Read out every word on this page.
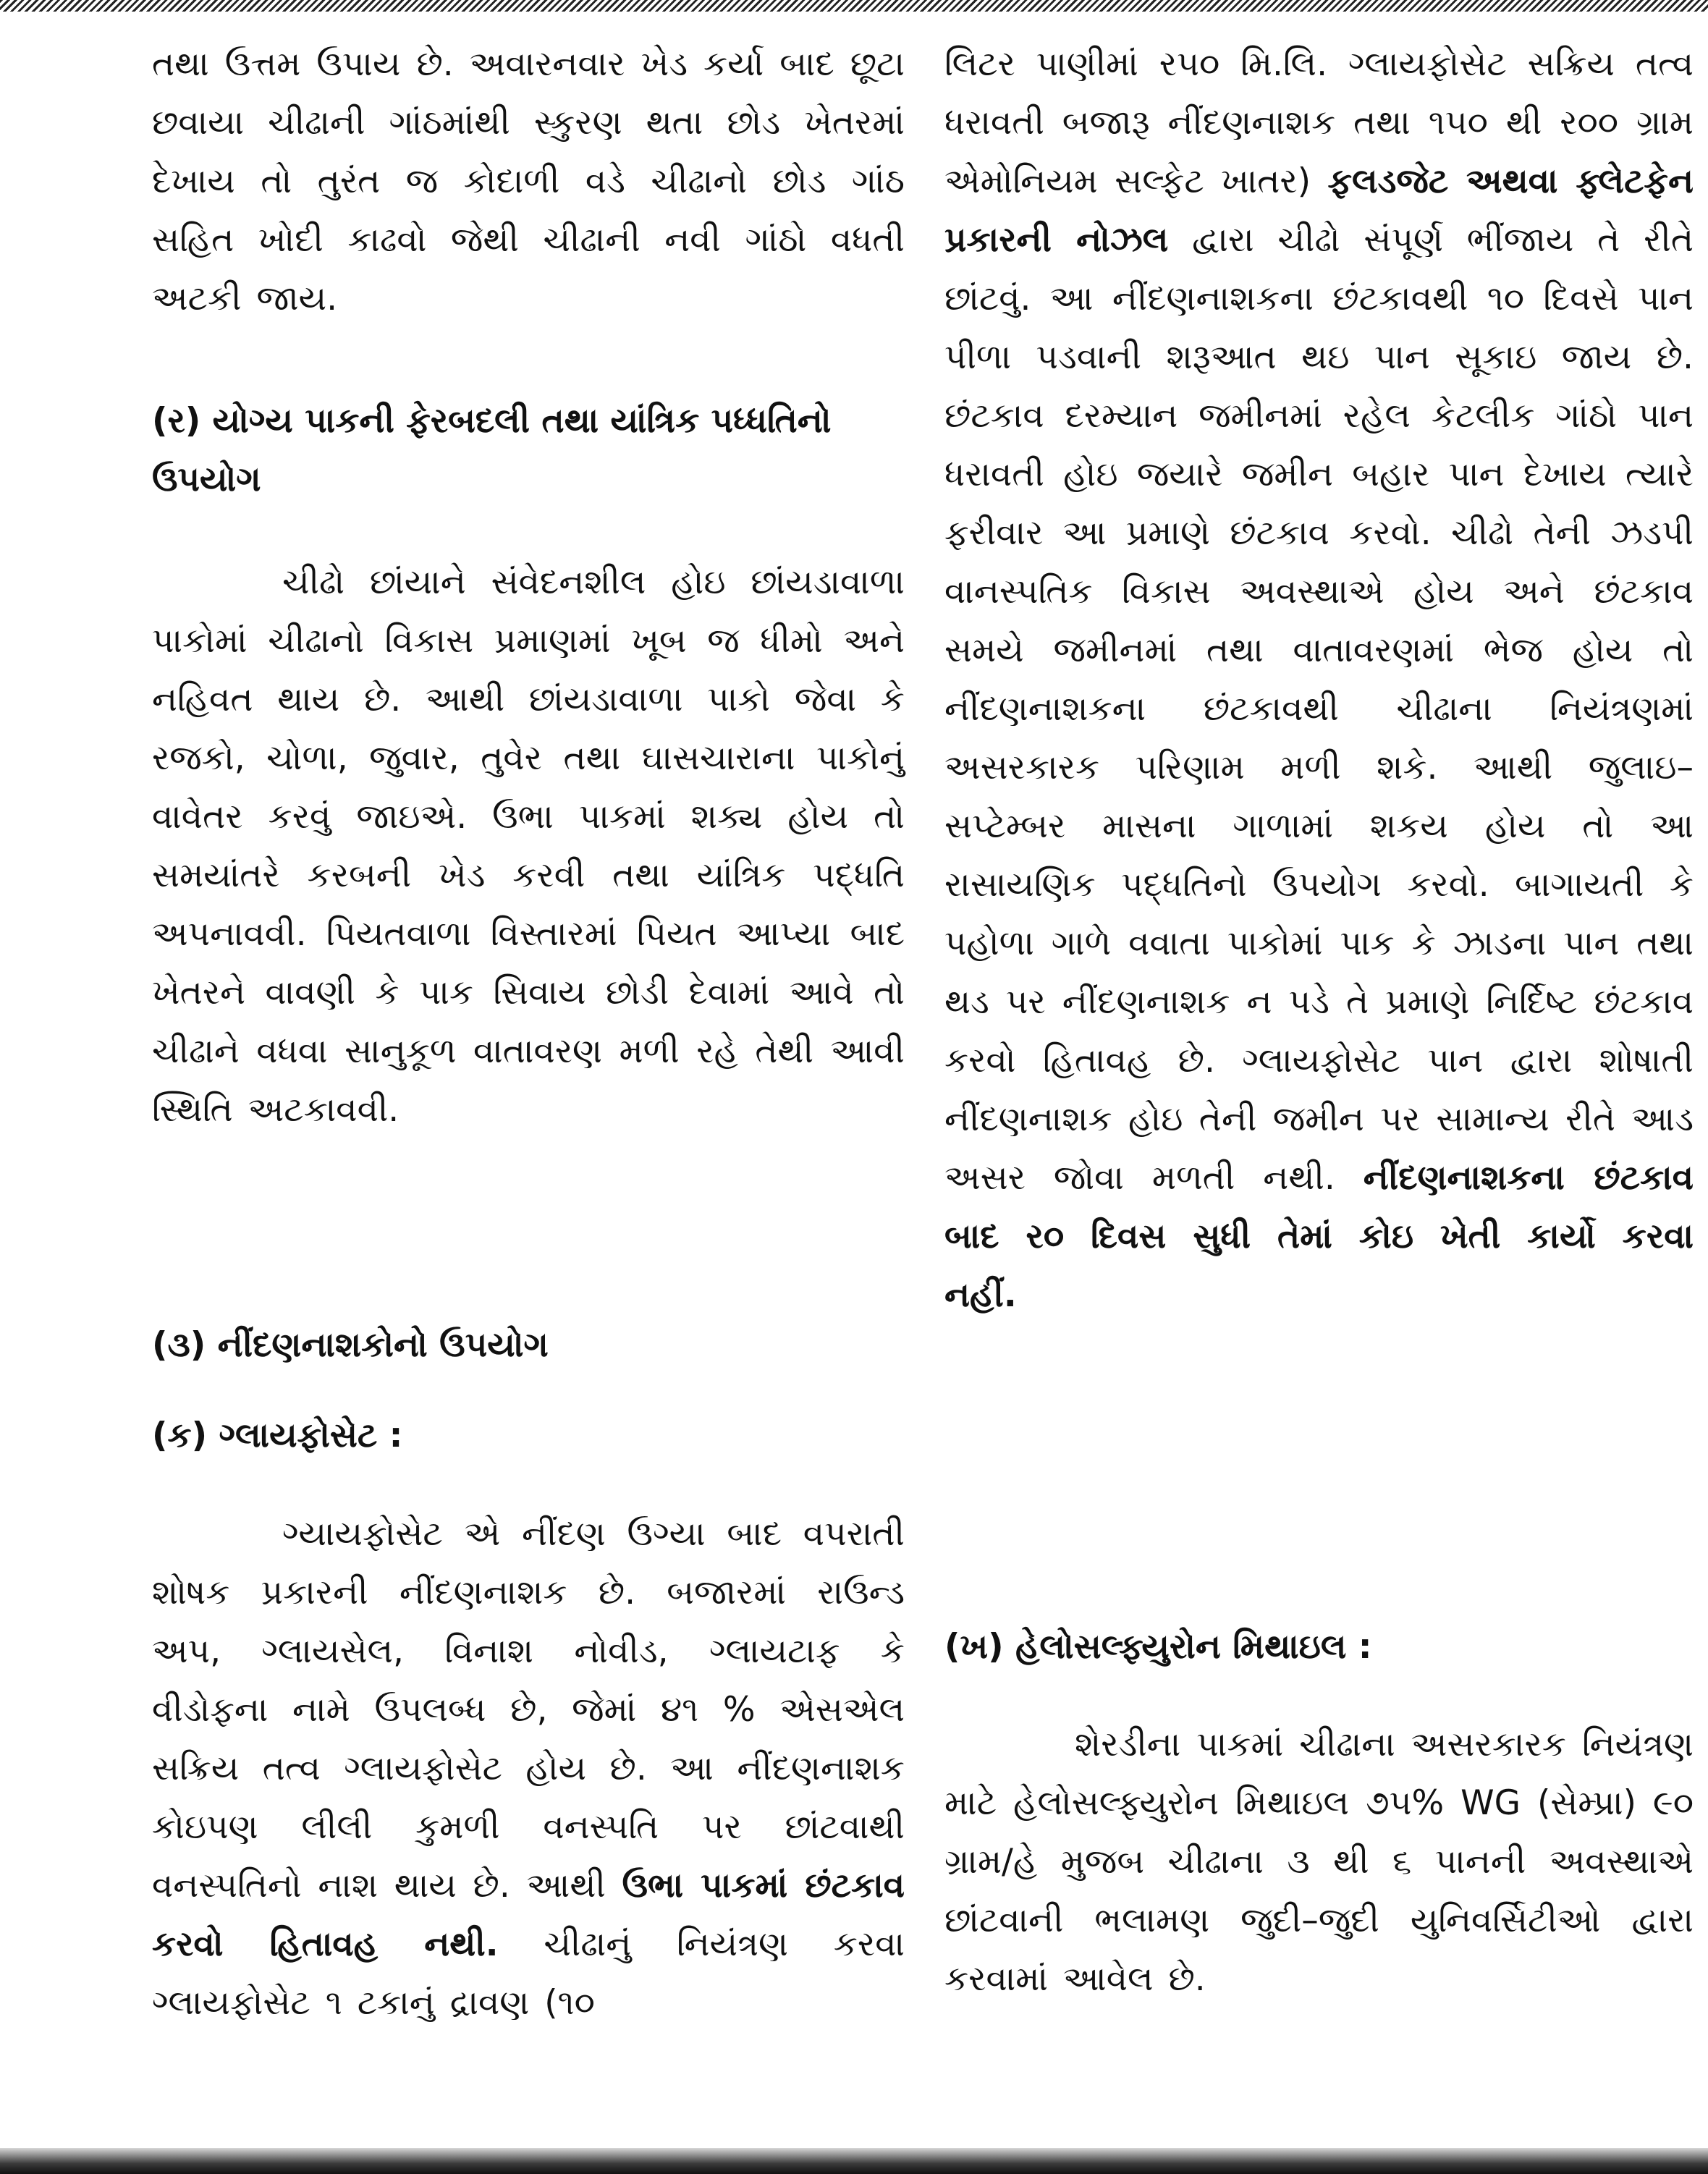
તથા ઉત્તમ ઉપાય છે. અવારનવાર ખેડ કર્યા બાદ છૂટા છવાયા ચીઢાની ગાંઠમાંથી સ્કુરણ થતા છોડ ખેતરમાં દેખાય તો તુરંત જ કોદાળી વડે ચીઢાનો છોડ ગાંઠ સહિત ખોદી કાઢવો જેથી ચીઢાની નવી ગાંઠો વધતી અટકી જાય.

(ર) યોગ્ય પાકની ફેરબદલી તથા યાંત્રિક પધ્ધતિનો ઉપયોગ

ચીઢો છાંયાને સંવેદનશીલ હોઇ છાંયડાવાળા પાકોમાં ચીઢાનો વિકાસ પ્રમાણમાં ખૂબ જ ધીમો અને નહિવત થાય છે. આથી છાંયડાવાળા પાકો જેવા કે રજકો, ચોળા, જુવાર, તુવેર તથા ઘાસચારાના પાકોનું વાવેતર કરવું જાઇએ. ઉભા પાકમાં શક્ય હોય તો સમયાંતરે કરબની ખેડ કરવી તથા યાંત્રિક પદ્ધતિ અપનાવવી. પિયતવાળા વિસ્તારમાં પિયત આપ્યા બાદ ખેતરને વાવણી કે પાક સિવાય છોડી દેવામાં આવે તો ચીઢાને વધવા સાનુકૂળ વાતાવરણ મળી રહે તેથી આવી સ્થિતિ અટકાવવી.

(૩) નીંદણનાશકોનો ઉપયોગ

(ક) ગ્લાયફોસેટ :

ગ્યાયફોસેટ એ નીંદણ ઉગ્યા બાદ વપરાતી શોષક પ્રકારની નીંદણનાશક છે. બજારમાં રાઉન્ડ અપ, ગ્લાયસેલ, વિનાશ નોવીડ, ગ્લાયટાફ કે વીડોફના નામે ઉપલબ્ધ છે, જેમાં ૪૧ % એસએલ સક્રિય તત્વ ગ્લાયફોસેટ હોય છે. આ નીંદણનાશક કોઇપણ લીલી કુમળી વનસ્પતિ પર છાંટવાથી વનસ્પતિનો નાશ થાય છે. આથી ઉભા પાકમાં છંટકાવ કરવો હિતાવહ નથી. ચીઢાનું નિયંત્રણ કરવા ગ્લાયફોસેટ ૧ ટકાનું દ્રાવણ (૧૦

લિટર પાણીમાં ર૫૦ મિ.લિ. ગ્લાયફોસેટ સક્રિય તત્વ ધરાવતી બજારૂ નીંદણનાશક તથા ૧૫૦ થી ર૦૦ ગ્રામ એમોનિયમ સલ્ફેટ ખાતર) ફલડજેટ અથવા ફ્લેટફેન પ્રકારની નોઝલ દ્વારા ચીઢો સંપૂર્ણ ભીંજાય તે રીતે છાંટવું. આ નીંદણનાશકના છંટકાવથી ૧૦ દિવસે પાન પીળા પડવાની શરૂઆત થઇ પાન સૂકાઇ જાય છે. છંટકાવ દરમ્યાન જમીનમાં રહેલ કેટલીક ગાંઠો પાન ધરાવતી હોઇ જયારે જમીન બહાર પાન દેખાય ત્યારે ફરીવાર આ પ્રમાણે છંટકાવ કરવો. ચીઢો તેની ઝડપી વાનસ્પતિક વિકાસ અવસ્થાએ હોય અને છંટકાવ સમયે જમીનમાં તથા વાતાવરણમાં ભેજ હોય તો નીંદણનાશકના છંટકાવથી ચીઢાના નિયંત્રણમાં અસરકારક પરિણામ મળી શકે. આથી જુલાઇ– સપ્ટેમ્બર માસના ગાળામાં શકય હોય તો આ રાસાયણિક પદ્ધતિનો ઉપયોગ કરવો. બાગાયતી કે પહોળા ગાળે વવાતા પાકોમાં પાક કે ઝાડના પાન તથા થડ પર નીંદણનાશક ન પડે તે પ્રમાણે નિર્દિષ્ટ છંટકાવ કરવો હિતાવહ છે. ગ્લાયફોસેટ પાન દ્વારા શોષાતી નીંદણનાશક હોઇ તેની જમીન પર સામાન્ય રીતે આડ અસર જોવા મળતી નથી. નીંદણનાશકના છંટકાવ બાદ ર૦ દિવસ સુધી તેમાં કોઇ ખેતી કાર્યો કરવા નહીં.

(ખ) હેલોસલ્ફ્યુરોન મિથાઇલ :

શેરડીના પાકમાં ચીઢાના અસરકારક નિયંત્રણ માટે હેલોસલ્ફ્યુરોન મિથાઇલ ૭૫% WG (સેમ્પ્રા) ૯૦ ગ્રામ/હે મુજબ ચીઢાના ૩ થી ૬ પાનની અવસ્થાએ છાંટવાની ભલામણ જુદી–જુદી યુનિવર્સિટીઓ દ્વારા કરવામાં આવેલ છે.
